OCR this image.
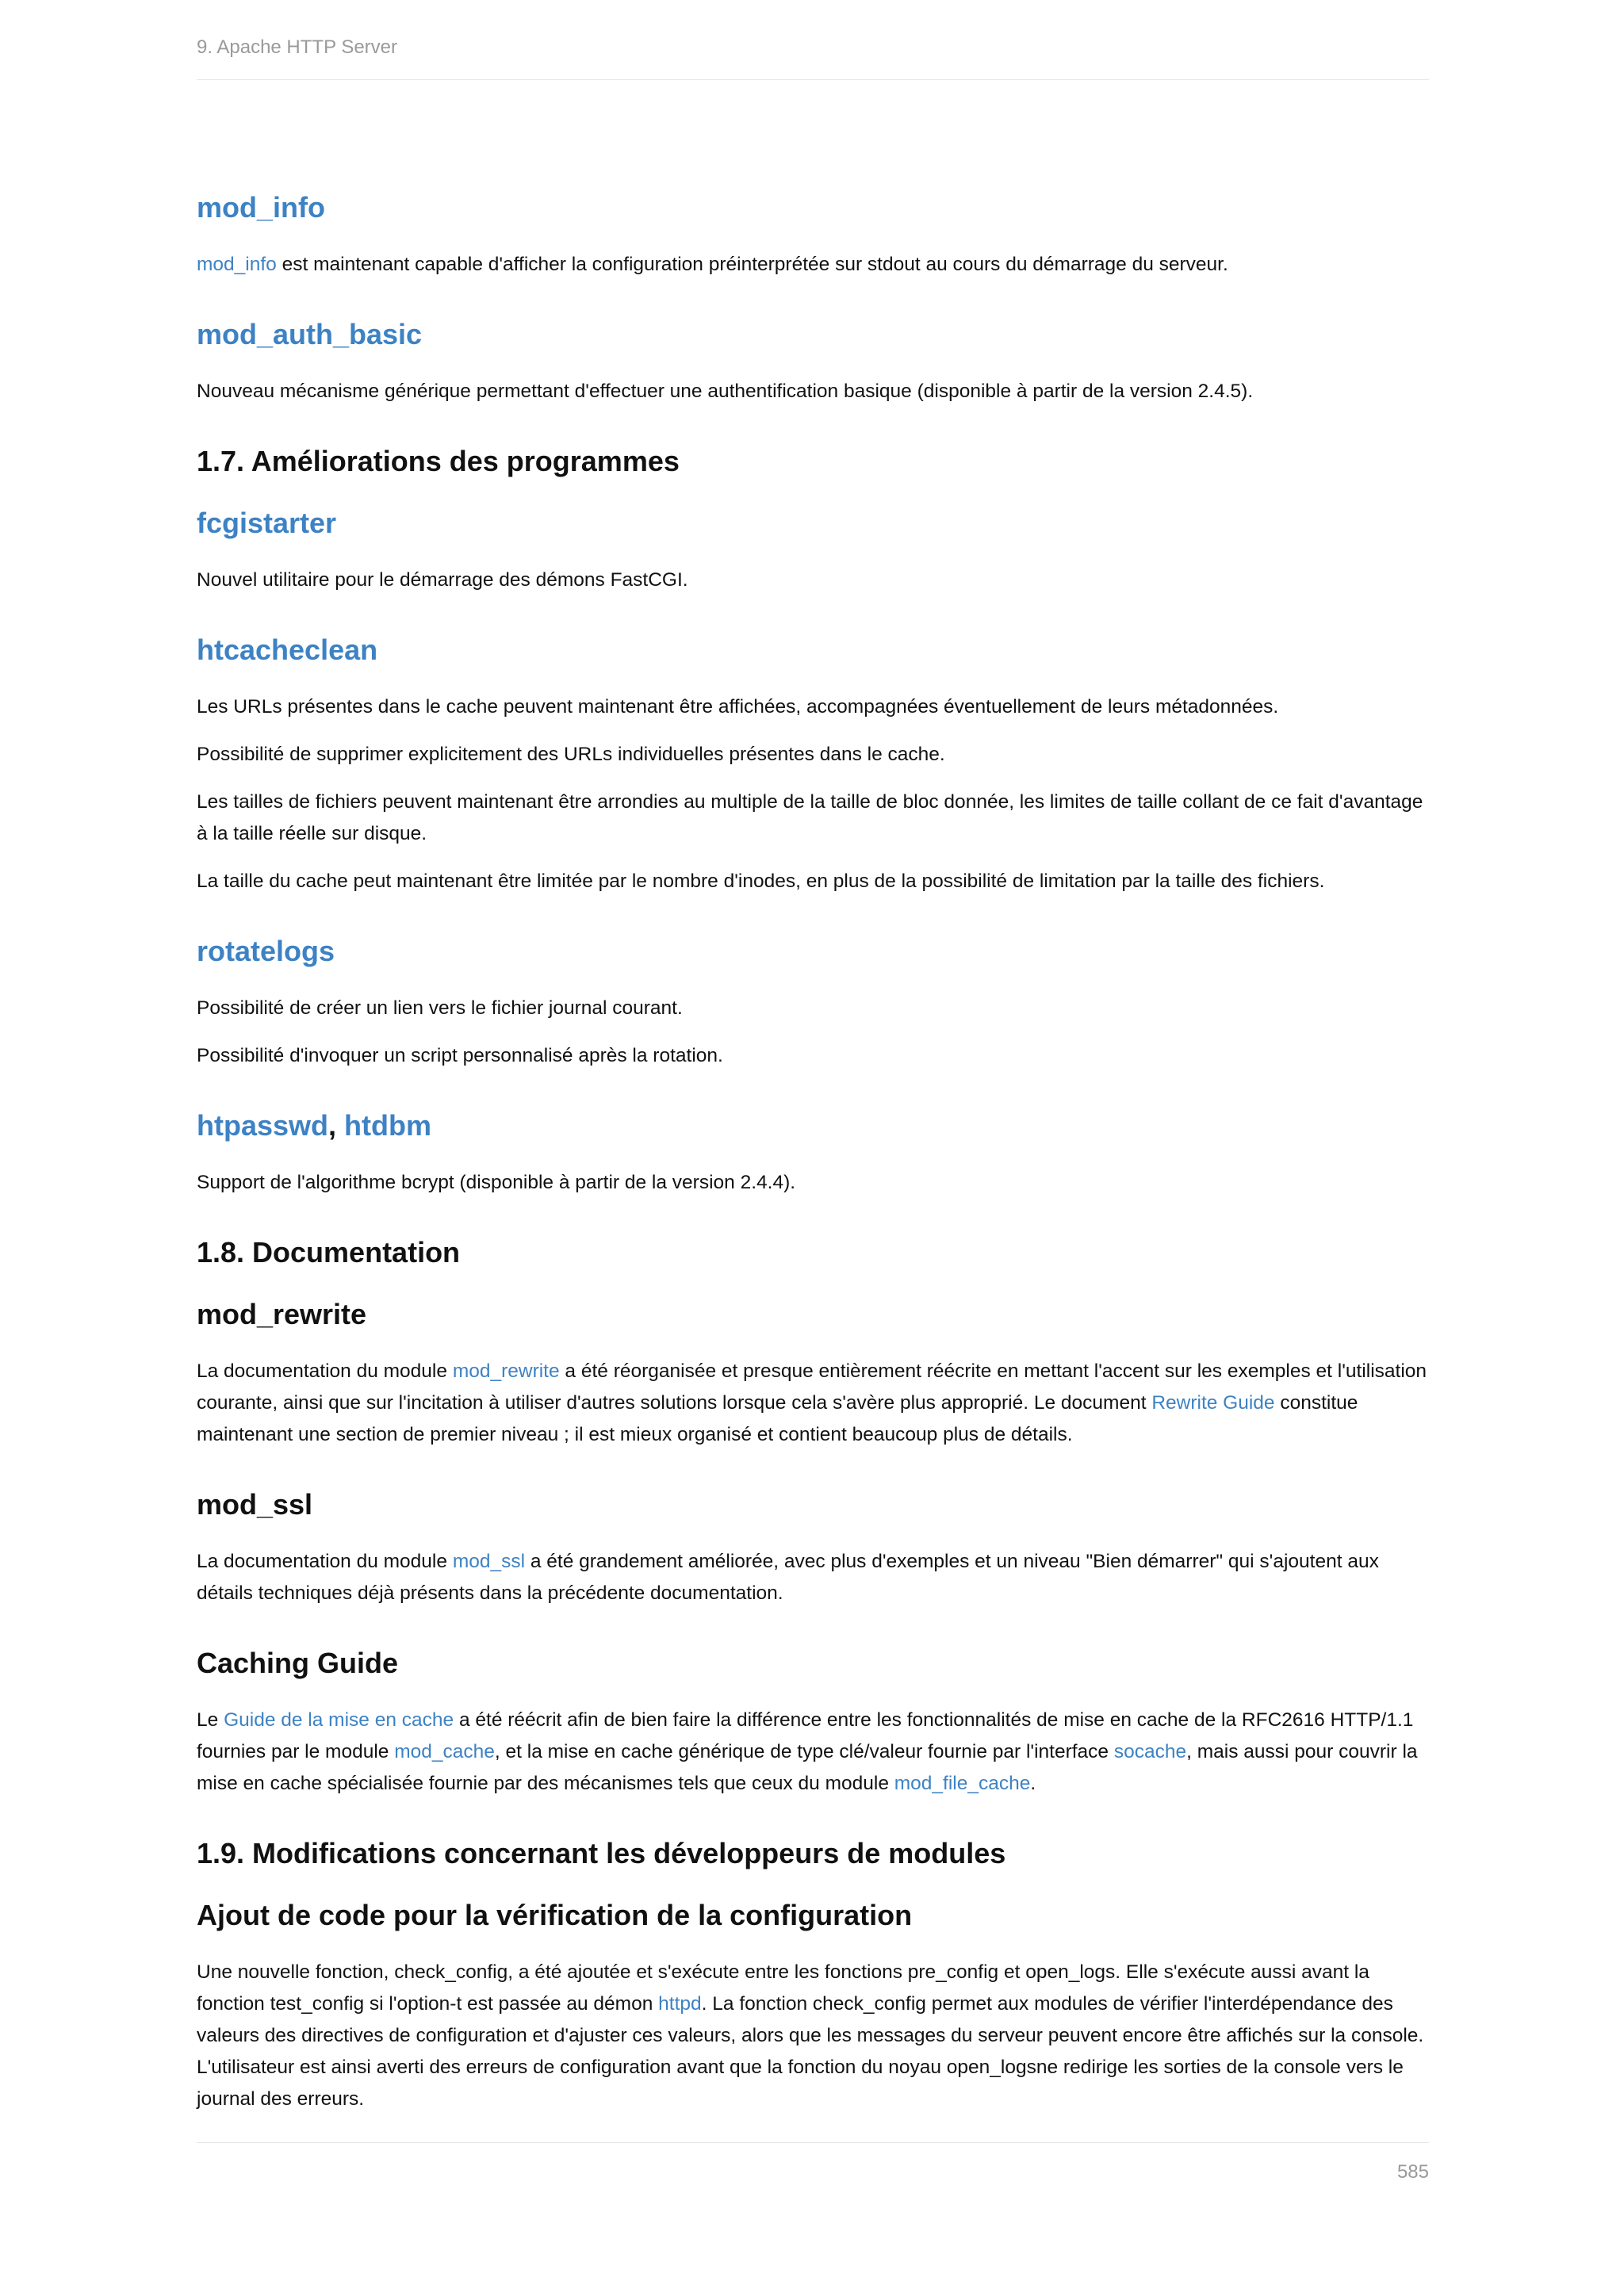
9. Apache HTTP Server
mod_info

mod_info est maintenant capable d'afficher la configuration préinterprétée sur stdout au cours du démarrage du serveur.

mod_auth_basic

Nouveau mécanisme générique permettant d'effectuer une authentification basique (disponible à partir de la version 2.4.5).

1.7. Améliorations des programmes
fcgistarter

Nouvel utilitaire pour le démarrage des démons FastCGI.

htcacheclean

Les URLs présentes dans le cache peuvent maintenant être affichées, accompagnées éventuellement de leurs métadonnées.

Possibilité de supprimer explicitement des URLs individuelles présentes dans le cache.

Les tailles de fichiers peuvent maintenant être arrondies au multiple de la taille de bloc donnée, les limites de taille collant de ce fait d'avantage à la taille réelle sur disque.

La taille du cache peut maintenant être limitée par le nombre d'inodes, en plus de la possibilité de limitation par la taille des fichiers.

rotatelogs

Possibilité de créer un lien vers le fichier journal courant.

Possibilité d'invoquer un script personnalisé après la rotation.

htpasswd, htdbm

Support de l'algorithme bcrypt (disponible à partir de la version 2.4.4).

1.8. Documentation
mod_rewrite

La documentation du module mod_rewrite a été réorganisée et presque entièrement réécrite en mettant l'accent sur les exemples et l'utilisation courante, ainsi que sur l'incitation à utiliser d'autres solutions lorsque cela s'avère plus approprié. Le document Rewrite Guide constitue maintenant une section de premier niveau ; il est mieux organisé et contient beaucoup plus de détails.

mod_ssl

La documentation du module mod_ssl a été grandement améliorée, avec plus d'exemples et un niveau "Bien démarrer" qui s'ajoutent aux détails techniques déjà présents dans la précédente documentation.

Caching Guide

Le Guide de la mise en cache a été réécrit afin de bien faire la différence entre les fonctionnalités de mise en cache de la RFC2616 HTTP/1.1 fournies par le module mod_cache, et la mise en cache générique de type clé/valeur fournie par l'interface socache, mais aussi pour couvrir la mise en cache spécialisée fournie par des mécanismes tels que ceux du module mod_file_cache.

1.9. Modifications concernant les développeurs de modules
Ajout de code pour la vérification de la configuration

Une nouvelle fonction, check_config, a été ajoutée et s'exécute entre les fonctions pre_config et open_logs. Elle s'exécute aussi avant la fonction test_config si l'option-t est passée au démon httpd. La fonction check_config permet aux modules de vérifier l'interdépendance des valeurs des directives de configuration et d'ajuster ces valeurs, alors que les messages du serveur peuvent encore être affichés sur la console. L'utilisateur est ainsi averti des erreurs de configuration avant que la fonction du noyau open_logsne redirige les sorties de la console vers le journal des erreurs.

585
